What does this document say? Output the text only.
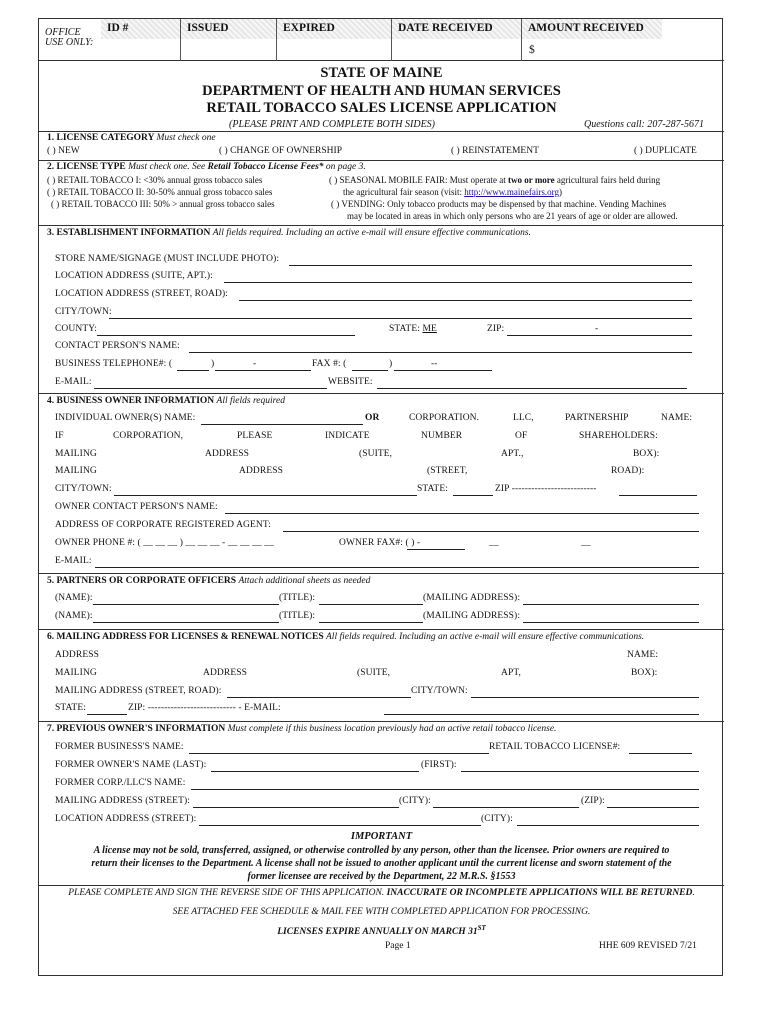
OFFICE USE ONLY:
ID #	ISSUED	EXPIRED	DATE RECEIVED	AMOUNT RECEIVED
$
STATE OF MAINE
DEPARTMENT OF HEALTH AND HUMAN SERVICES
RETAIL TOBACCO SALES LICENSE APPLICATION
(PLEASE PRINT AND COMPLETE BOTH SIDES)	Questions call: 207-287-5671
1. LICENSE CATEGORY Must check one
( ) NEW	( ) CHANGE OF OWNERSHIP	( ) REINSTATEMENT	( ) DUPLICATE
2. LICENSE TYPE Must check one. See Retail Tobacco License Fees* on page 3.
( ) RETAIL TOBACCO I: <30% annual gross tobacco sales
( ) RETAIL TOBACCO II: 30-50% annual gross tobacco sales
( ) RETAIL TOBACCO III: 50% > annual gross tobacco sales
( ) SEASONAL MOBILE FAIR: Must operate at two or more agricultural fairs held during
the agricultural fair season (visit: http://www.mainefairs.org)
( ) VENDING: Only tobacco products may be dispensed by that machine. Vending Machines
may be located in areas in which only persons who are 21 years of age or older are allowed.
3. ESTABLISHMENT INFORMATION All fields required. Including an active e-mail will ensure effective communications.
STORE NAME/SIGNAGE (MUST INCLUDE PHOTO):
LOCATION ADDRESS (SUITE, APT.):
LOCATION ADDRESS (STREET, ROAD):
CITY/TOWN:
COUNTY:	STATE: ME	ZIP:	-
CONTACT PERSON'S NAME:
BUSINESS TELEPHONE#: (	)	-	FAX #: (	)	--
E-MAIL:	WEBSITE:
4. BUSINESS OWNER INFORMATION All fields required
INDIVIDUAL OWNER(S) NAME:	OR	CORPORATION.	LLC,	PARTNERSHIP	NAME:
IF	CORPORATION,	PLEASE	INDICATE	NUMBER	OF	SHAREHOLDERS:
MAILING	ADDRESS	(SUITE,	APT.,	BOX):
MAILING	ADDRESS	(STREET,	ROAD):
CITY/TOWN:	STATE:	ZIP --------------------------
OWNER CONTACT PERSON'S NAME:
ADDRESS OF CORPORATE REGISTERED AGENT:
OWNER PHONE #: ( __ __ __ ) __ __ __ - __ __ __ __	OWNER FAX#: ( ) -	__	__
E-MAIL:
5. PARTNERS OR CORPORATE OFFICERS Attach additional sheets as needed
(NAME):	(TITLE):	(MAILING ADDRESS):
(NAME):	(TITLE):	(MAILING ADDRESS):
6. MAILING ADDRESS FOR LICENSES & RENEWAL NOTICES All fields required. Including an active e-mail will ensure effective communications.
ADDRESS	NAME:
MAILING	ADDRESS	(SUITE,	APT,	BOX):
MAILING ADDRESS (STREET, ROAD):	CITY/TOWN:
STATE:	ZIP: --------------------------- - E-MAIL:
7. PREVIOUS OWNER'S INFORMATION Must complete if this business location previously had an active retail tobacco license.
FORMER BUSINESS'S NAME:	RETAIL TOBACCO LICENSE#:
FORMER OWNER'S NAME (LAST):	(FIRST):
FORMER CORP./LLC'S NAME:
MAILING ADDRESS (STREET):	(CITY):	(ZIP):
LOCATION ADDRESS (STREET):	(CITY):
IMPORTANT
A license may not be sold, transferred, assigned, or otherwise controlled by any person, other than the licensee. Prior owners are required to
return their licenses to the Department. A license shall not be issued to another applicant until the current license and sworn statement of the
former licensee are received by the Department, 22 M.R.S. §1553
PLEASE COMPLETE AND SIGN THE REVERSE SIDE OF THIS APPLICATION. INACCURATE OR INCOMPLETE APPLICATIONS WILL BE RETURNED.
SEE ATTACHED FEE SCHEDULE & MAIL FEE WITH COMPLETED APPLICATION FOR PROCESSING.
LICENSES EXPIRE ANNUALLY ON MARCH 31ST
Page 1	HHE 609 REVISED 7/21
